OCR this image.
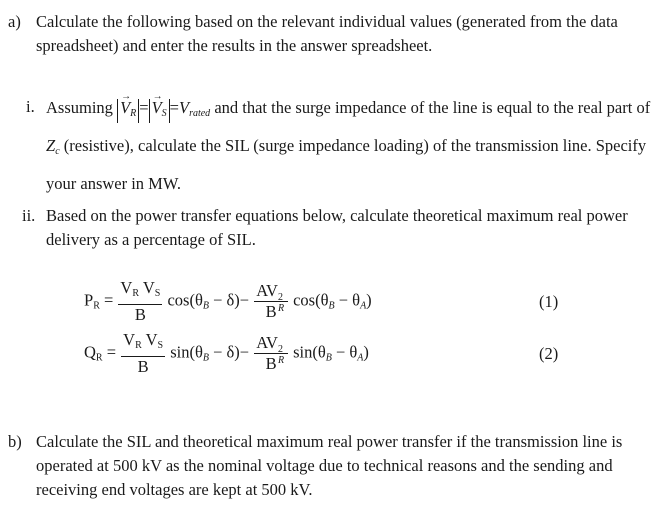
a) Calculate the following based on the relevant individual values (generated from the data spreadsheet) and enter the results in the answer spreadsheet.
i. Assuming → $V_R =\to V_S =V_{rated}$ and that the surge impedance of the line is equal to the real part of $Z_c$ (resistive), calculate the SIL (surge impedance loading) of the transmission line. Specify your answer in MW.
ii. Based on the power transfer equations below, calculate theoretical maximum real power delivery as a percentage of SIL.
$P_R = \frac{V_R V_S}{B} \cos(\theta_B - \delta)-$ AV 2
R
B $\cos(\theta_B - \theta_A)$	(1)
$Q_R = \frac{V_R V_S}{B} \sin(\theta_B - \delta)-$ AV 2
R
B $\sin(\theta_B - \theta_A)$	(2)
b) Calculate the SIL and theoretical maximum real power transfer if the transmission line is operated at 500 kV as the nominal voltage due to technical reasons and the sending and receiving end voltages are kept at 500 kV.
